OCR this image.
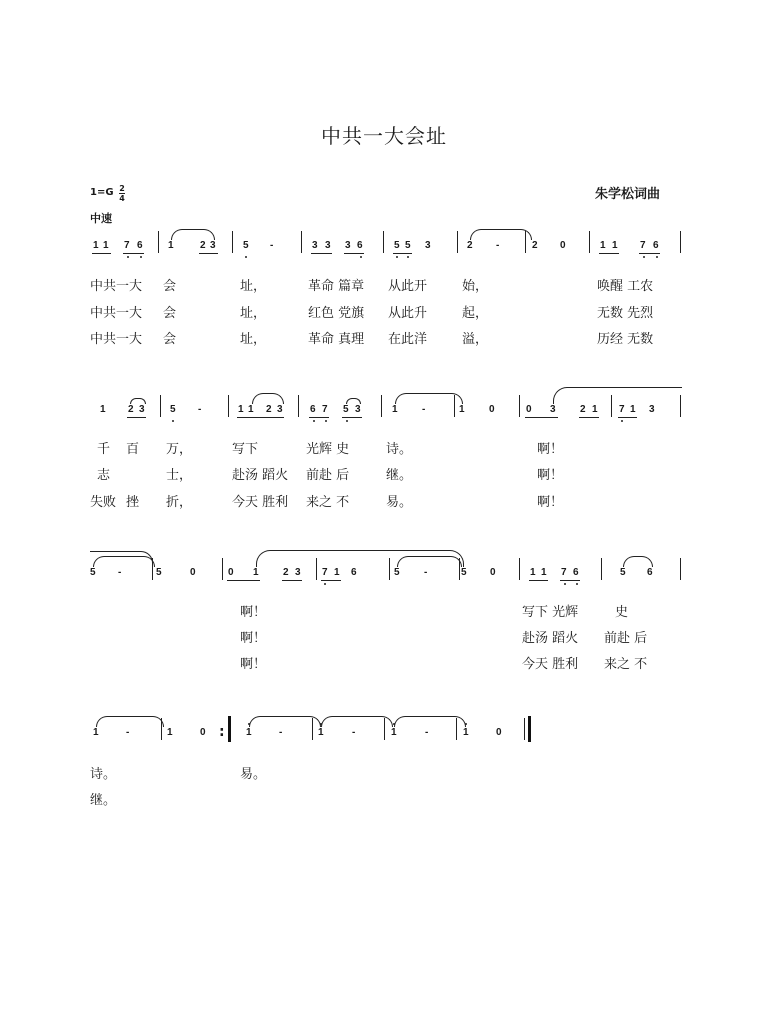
中共一大会址
朱学松词曲
1=G 2
4
中速
1 1 7 6	1	2 3	5 -	3 3 3 6	5 5 3	2 -	2 0	1 1 7 6
中共一大 会	址，	革命 篇章 从此开	始，	唤醒 工农
中共一大 会	址，	红色 党旗 从此升	起，	无数 先烈
中共一大 会	址，	革命 真理 在此洋	溢，	历经 无数
1 2 3	5 -	1 1 2 3	6 7 5 3	1 -	1 0	0 3 2 1 7 1 3
千 百 万，	写下	光辉 史	诗。	啊！
志	士，	赴汤 蹈火 前赴 后	继。	啊！
失败 挫 折，	今天 胜利 来之 不	易。	啊！
5 -	5	0	0 1 2 3 7 1 6	5 -	5 0	1 1 7 6	5 6
啊！	写下 光辉	史
啊！	赴汤 蹈火 前赴 后
啊！	今天 胜利 来之 不
1	-	1	0 : 1	-	1	-	1	-	1	0
诗。	易。
继。
